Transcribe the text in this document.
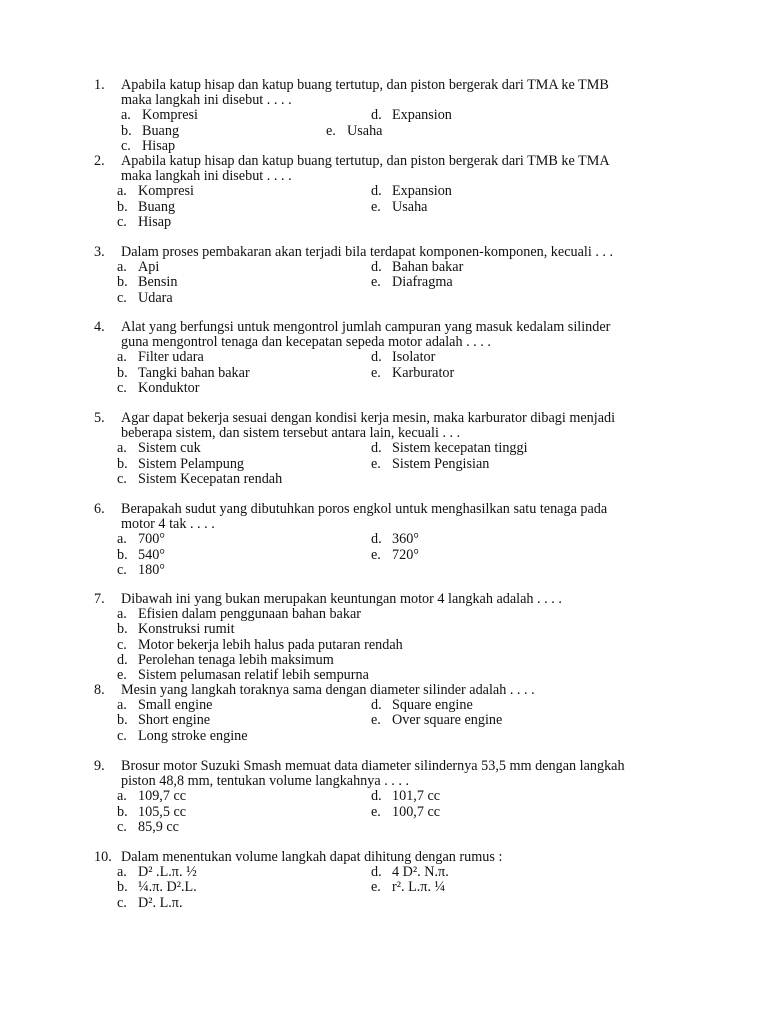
1. Apabila katup hisap dan katup buang tertutup, dan piston bergerak dari TMA ke TMB
maka langkah ini disebut . . . .
a. Kompresi	d. Expansion
b. Buang	e. Usaha
c. Hisap
2. Apabila katup hisap dan katup buang tertutup, dan piston bergerak dari TMB ke TMA
maka langkah ini disebut . . . .
a. Kompresi	d. Expansion
b. Buang	e. Usaha
c. Hisap
3. Dalam proses pembakaran akan terjadi bila terdapat komponen-komponen, kecuali . . .
a. Api	d. Bahan bakar
b. Bensin	e. Diafragma
c. Udara
4. Alat yang berfungsi untuk mengontrol jumlah campuran yang masuk kedalam silinder
guna mengontrol tenaga dan kecepatan sepeda motor adalah . . . .
a. Filter udara	d. Isolator
b. Tangki bahan bakar	e. Karburator
c. Konduktor
5. Agar dapat bekerja sesuai dengan kondisi kerja mesin, maka karburator dibagi menjadi
beberapa sistem, dan sistem tersebut antara lain, kecuali . . .
a. Sistem cuk	d. Sistem kecepatan tinggi
b. Sistem Pelampung	e. Sistem Pengisian
c. Sistem Kecepatan rendah
6. Berapakah sudut yang dibutuhkan poros engkol untuk menghasilkan satu tenaga pada
motor 4 tak . . . .
a. 700°	d. 360°
b. 540°	e. 720°
c. 180°
7. Dibawah ini yang bukan merupakan keuntungan motor 4 langkah adalah . . . .
a. Efisien dalam penggunaan bahan bakar
b. Konstruksi rumit
c. Motor bekerja lebih halus pada putaran rendah
d. Perolehan tenaga lebih maksimum
e. Sistem pelumasan relatif lebih sempurna
8. Mesin yang langkah toraknya sama dengan diameter silinder adalah . . . .
a. Small engine	d. Square engine
b. Short engine	e. Over square engine
c. Long stroke engine
9. Brosur motor Suzuki Smash memuat data diameter silindernya 53,5 mm dengan langkah
piston 48,8 mm, tentukan volume langkahnya . . . .
a. 109,7 cc	d. 101,7 cc
b. 105,5 cc	e. 100,7 cc
c. 85,9 cc
10. Dalam menentukan volume langkah dapat dihitung dengan rumus :
a. D² .L.π. ½	d. 4 D². N.π.
b. ¼.π. D².L.	e. r². L.π. ¼
c. D². L.π.
